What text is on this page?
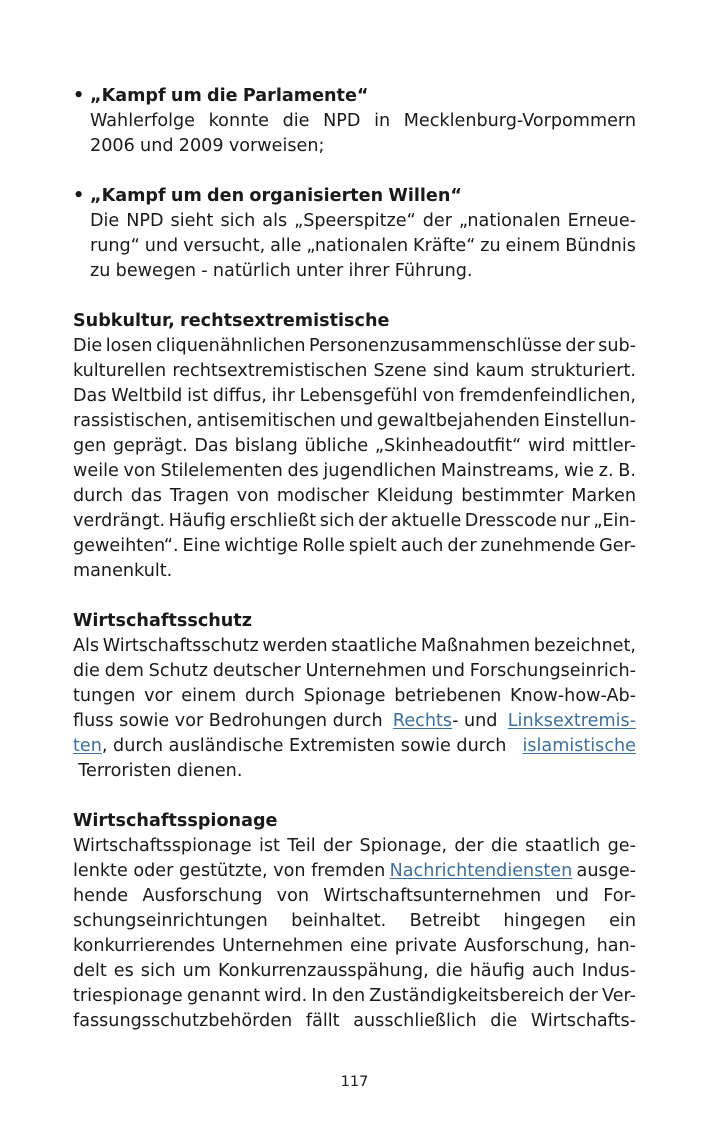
• „Kampf um die Parlamente“
Wahlerfolge konnte die NPD in Mecklenburg-Vorpommern
2006 und 2009 vorweisen;
• „Kampf um den organisierten Willen“
Die NPD sieht sich als „Speerspitze“ der „nationalen Erneue-
rung“ und versucht, alle „nationalen Kräfte“ zu einem Bündnis
zu bewegen - natürlich unter ihrer Führung.
Subkultur, rechtsextremistische
Die losen cliquenähnlichen Personenzusammenschlüsse der sub-
kulturellen rechtsextremistischen Szene sind kaum strukturiert.
Das Weltbild ist diffus, ihr Lebensgefühl von fremdenfeindlichen,
rassistischen, antisemitischen und gewaltbejahenden Einstellun-
gen geprägt. Das bislang übliche „Skinheadoutfit“ wird mittler-
weile von Stilelementen des jugendlichen Mainstreams, wie z. B.
durch das Tragen von modischer Kleidung bestimmter Marken
verdrängt. Häufig erschließt sich der aktuelle Dresscode nur „Ein-
geweihten“. Eine wichtige Rolle spielt auch der zunehmende Ger-
manenkult.
Wirtschaftsschutz
Als Wirtschaftsschutz werden staatliche Maßnahmen bezeichnet,
die dem Schutz deutscher Unternehmen und Forschungseinrich-
tungen vor einem durch Spionage betriebenen Know-how-Ab-
fluss sowie vor Bedrohungen durch Rechts- und Linksextremis-
ten, durch ausländische Extremisten sowie durch islamistische
Terroristen dienen.
Wirtschaftsspionage
Wirtschaftsspionage ist Teil der Spionage, der die staatlich ge-
lenkte oder gestützte, von fremden Nachrichtendiensten ausge-
hende Ausforschung von Wirtschaftsunternehmen und For-
schungseinrichtungen beinhaltet. Betreibt hingegen ein
konkurrierendes Unternehmen eine private Ausforschung, han-
delt es sich um Konkurrenzausspähung, die häufig auch Indus-
triespionage genannt wird. In den Zuständigkeitsbereich der Ver-
fassungsschutzbehörden fällt ausschließlich die Wirtschafts-
117
